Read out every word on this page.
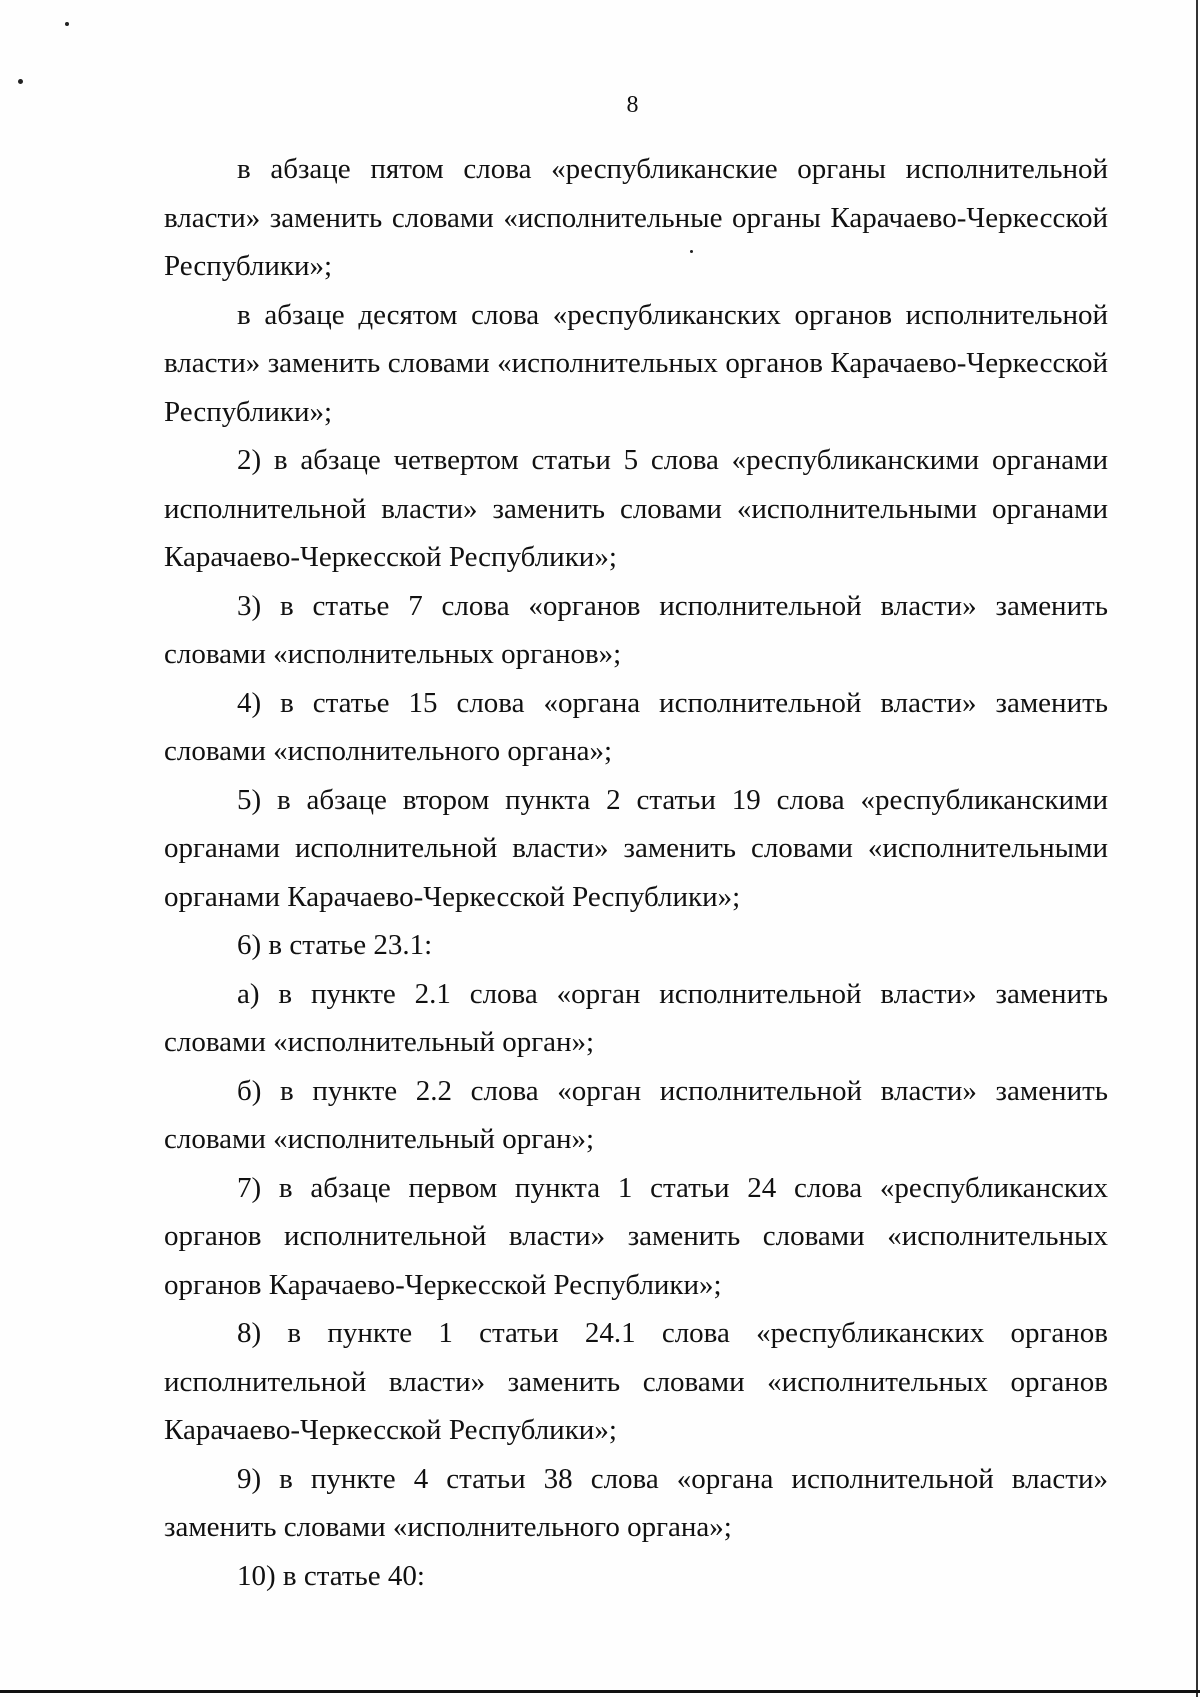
8

в абзаце пятом слова «республиканские органы исполнительной власти» заменить словами «исполнительные органы Карачаево-Черкесской Республики»;

в абзаце десятом слова «республиканских органов исполнительной власти» заменить словами «исполнительных органов Карачаево-Черкесской Республики»;

2) в абзаце четвертом статьи 5 слова «республиканскими органами исполнительной власти» заменить словами «исполнительными органами Карачаево-Черкесской Республики»;

3) в статье 7 слова «органов исполнительной власти» заменить словами «исполнительных органов»;

4) в статье 15 слова «органа исполнительной власти» заменить словами «исполнительного органа»;

5) в абзаце втором пункта 2 статьи 19 слова «республиканскими органами исполнительной власти» заменить словами «исполнительными органами Карачаево-Черкесской Республики»;

6) в статье 23.1:

а) в пункте 2.1 слова «орган исполнительной власти» заменить словами «исполнительный орган»;

б) в пункте 2.2 слова «орган исполнительной власти» заменить словами «исполнительный орган»;

7) в абзаце первом пункта 1 статьи 24 слова «республиканских органов исполнительной власти» заменить словами «исполнительных органов Карачаево-Черкесской Республики»;

8) в пункте 1 статьи 24.1 слова «республиканских органов исполнительной власти» заменить словами «исполнительных органов Карачаево-Черкесской Республики»;

9) в пункте 4 статьи 38 слова «органа исполнительной власти» заменить словами «исполнительного органа»;

10) в статье 40:
